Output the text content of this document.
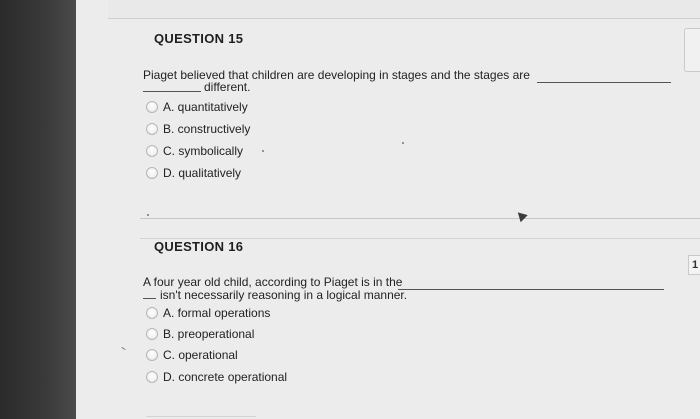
1
QUESTION 15
Piaget believed that children are developing in stages and the stages are
different.
A. quantitatively
B. constructively
C. symbolically
D. qualitatively
QUESTION 16
A four year old child, according to Piaget is in the
isn't necessarily reasoning in a logical manner.
A. formal operations
B. preoperational
C. operational
D. concrete operational
